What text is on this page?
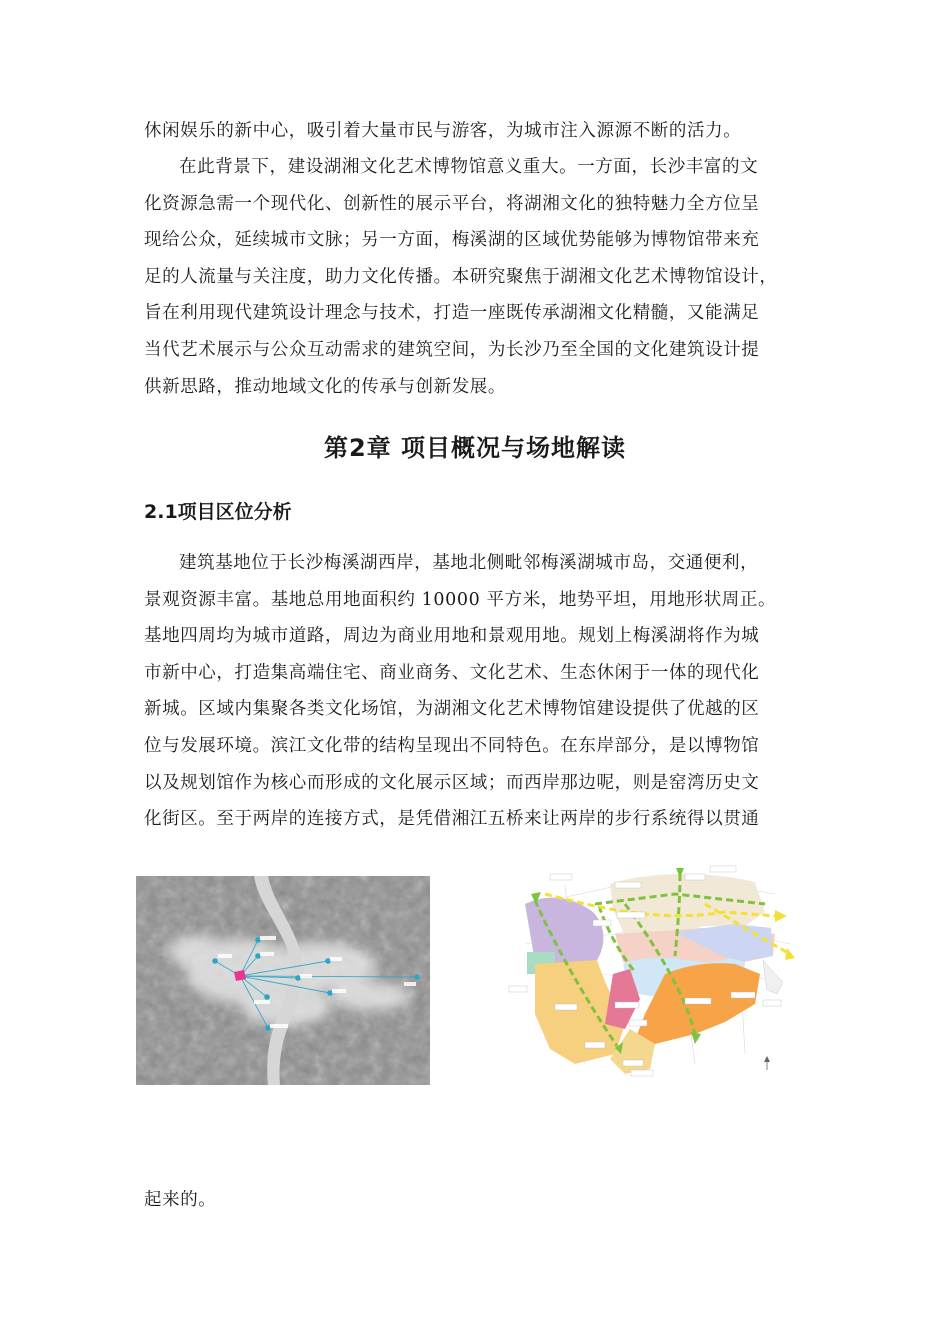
休闲娱乐的新中心，吸引着大量市民与游客，为城市注入源源不断的活力。

在此背景下，建设湖湘文化艺术博物馆意义重大。一方面，长沙丰富的文
化资源急需一个现代化、创新性的展示平台，将湖湘文化的独特魅力全方位呈
现给公众，延续城市文脉；另一方面，梅溪湖的区域优势能够为博物馆带来充
足的人流量与关注度，助力文化传播。本研究聚焦于湖湘文化艺术博物馆设计，
旨在利用现代建筑设计理念与技术，打造一座既传承湖湘文化精髓，又能满足
当代艺术展示与公众互动需求的建筑空间，为长沙乃至全国的文化建筑设计提
供新思路，推动地域文化的传承与创新发展。

第2章 项目概况与场地解读
2.1项目区位分析

建筑基地位于长沙梅溪湖西岸，基地北侧毗邻梅溪湖城市岛，交通便利，
景观资源丰富。基地总用地面积约 10000 平方米，地势平坦，用地形状周正。
基地四周均为城市道路，周边为商业用地和景观用地。规划上梅溪湖将作为城
市新中心，打造集高端住宅、商业商务、文化艺术、生态休闲于一体的现代化
新城。区域内集聚各类文化场馆，为湖湘文化艺术博物馆建设提供了优越的区
位与发展环境。滨江文化带的结构呈现出不同特色。在东岸部分，是以博物馆
以及规划馆作为核心而形成的文化展示区域；而西岸那边呢，则是窑湾历史文
化街区。至于两岸的连接方式，是凭借湘江五桥来让两岸的步行系统得以贯通

起来的。
